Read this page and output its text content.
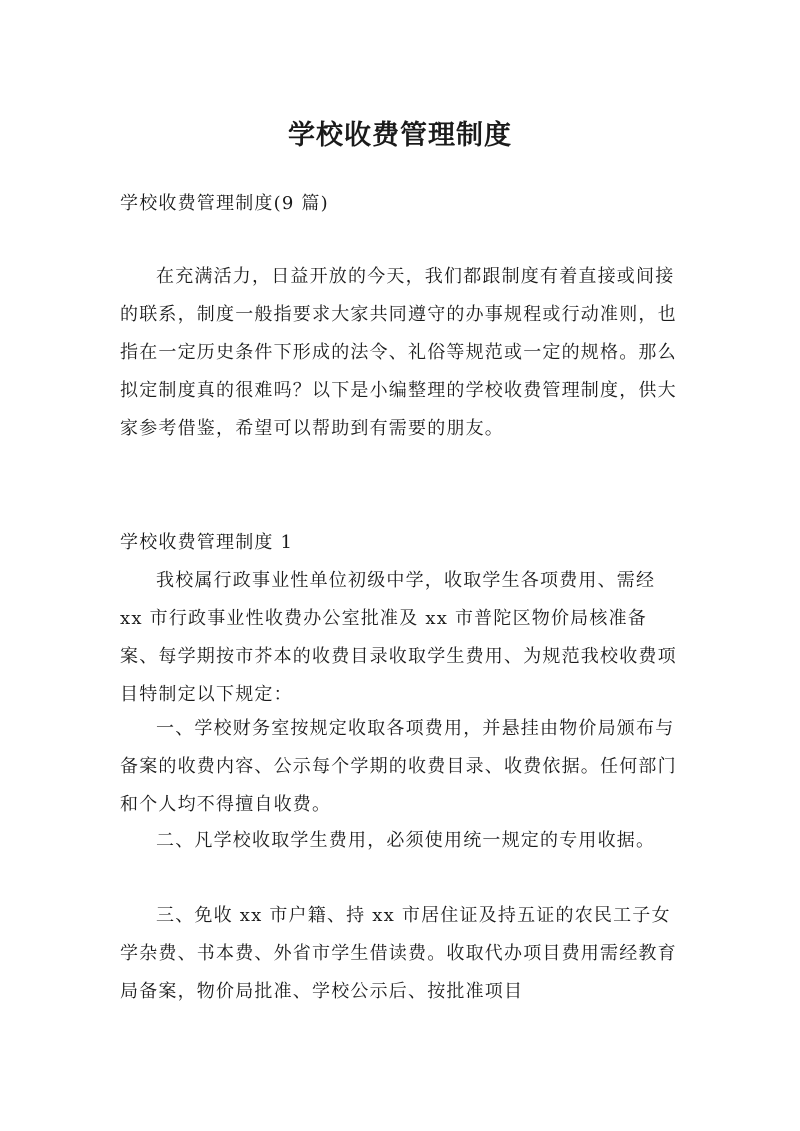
学校收费管理制度

学校收费管理制度(9 篇)

在充满活力，日益开放的今天，我们都跟制度有着直接或间接的联系，制度一般指要求大家共同遵守的办事规程或行动准则，也指在一定历史条件下形成的法令、礼俗等规范或一定的规格。那么拟定制度真的很难吗？以下是小编整理的学校收费管理制度，供大家参考借鉴，希望可以帮助到有需要的朋友。

学校收费管理制度 1

我校属行政事业性单位初级中学，收取学生各项费用、需经 xx 市行政事业性收费办公室批准及 xx 市普陀区物价局核准备案、每学期按市芥本的收费目录收取学生费用、为规范我校收费项目特制定以下规定：

一、学校财务室按规定收取各项费用，并悬挂由物价局颁布与备案的收费内容、公示每个学期的收费目录、收费依据。任何部门和个人均不得擅自收费。

二、凡学校收取学生费用，必须使用统一规定的专用收据。

三、免收 xx 市户籍、持 xx 市居住证及持五证的农民工子女学杂费、书本费、外省市学生借读费。收取代办项目费用需经教育局备案，物价局批准、学校公示后、按批准项目
